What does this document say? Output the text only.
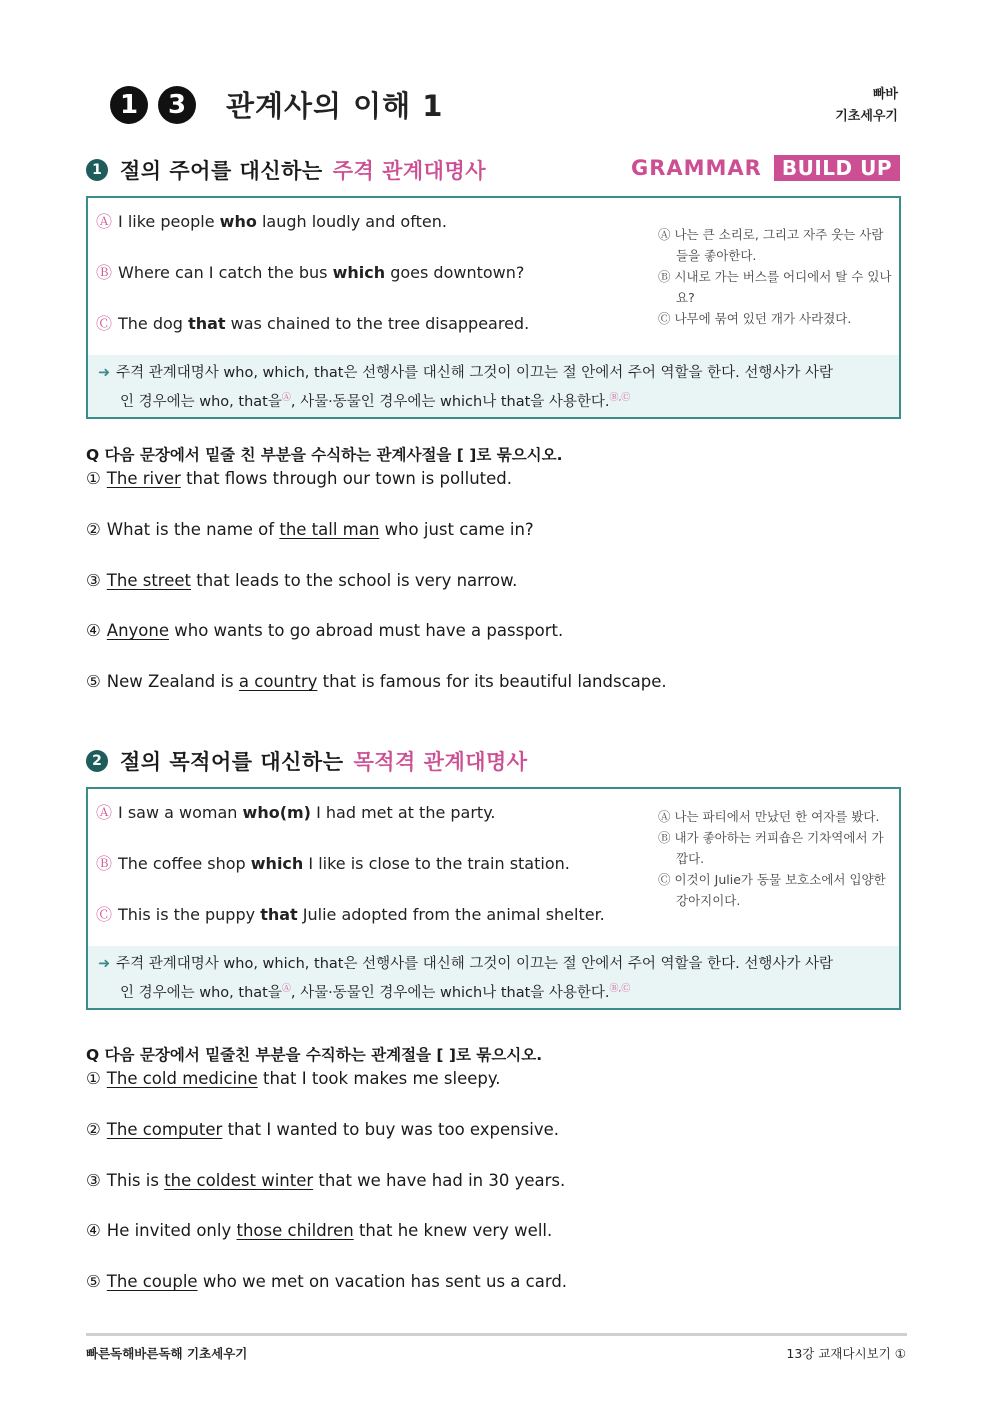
1	3	관계사의 이해 1	빠바
기초세우기
1 절의 주어를 대신하는 주격 관계대명사	GRAMMAR	BUILD UP
Ⓐ I like people who laugh loudly and often.
Ⓑ Where can I catch the bus which goes downtown?
Ⓒ The dog that was chained to the tree disappeared.
Ⓐ 나는 큰 소리로, 그리고 자주 웃는 사람들을 좋아한다.
Ⓑ 시내로 가는 버스를 어디에서 탈 수 있나요?
Ⓒ 나무에 묶여 있던 개가 사라졌다.
➜ 주격 관계대명사 who, which, that은 선행사를 대신해 그것이 이끄는 절 안에서 주어 역할을 한다. 선행사가 사람
인 경우에는 who, that을Ⓐ, 사물·동물인 경우에는 which나 that을 사용한다.Ⓑ,Ⓒ
Q 다음 문장에서 밑줄 친 부분을 수식하는 관계사절을 [ ]로 묶으시오.
① The river that flows through our town is polluted.
② What is the name of the tall man who just came in?
③ The street that leads to the school is very narrow.
④ Anyone who wants to go abroad must have a passport.
⑤ New Zealand is a country that is famous for its beautiful landscape.
2 절의 목적어를 대신하는 목적격 관계대명사
Ⓐ I saw a woman who(m) I had met at the party.
Ⓑ The coffee shop which I like is close to the train station.
Ⓒ This is the puppy that Julie adopted from the animal shelter.
Ⓐ 나는 파티에서 만났던 한 여자를 봤다.
Ⓑ 내가 좋아하는 커피숍은 기차역에서 가깝다.
Ⓒ 이것이 Julie가 동물 보호소에서 입양한 강아지이다.
➜ 주격 관계대명사 who, which, that은 선행사를 대신해 그것이 이끄는 절 안에서 주어 역할을 한다. 선행사가 사람
인 경우에는 who, that을Ⓐ, 사물·동물인 경우에는 which나 that을 사용한다.Ⓑ,Ⓒ
Q 다음 문장에서 밑줄친 부분을 수직하는 관계절을 [ ]로 묶으시오.
① The cold medicine that I took makes me sleepy.
② The computer that I wanted to buy was too expensive.
③ This is the coldest winter that we have had in 30 years.
④ He invited only those children that he knew very well.
⑤ The couple who we met on vacation has sent us a card.
빠른독해바른독해 기초세우기	13강 교재다시보기 ①
